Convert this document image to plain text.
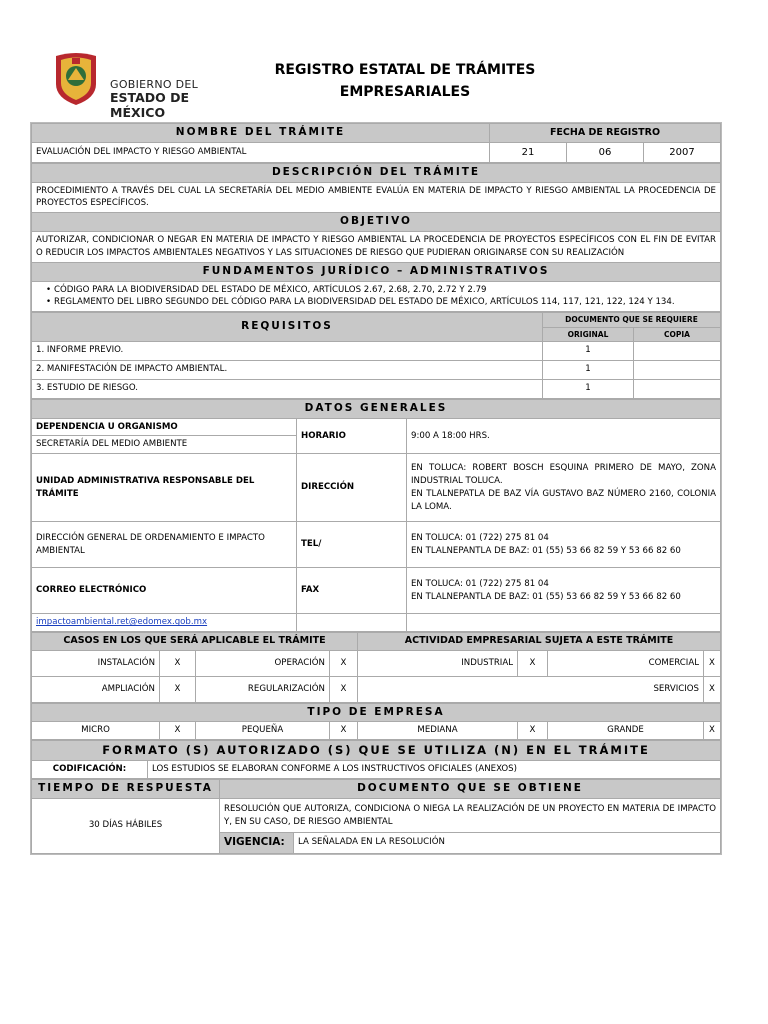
GOBIERNO DEL
ESTADO DE MÉXICO
REGISTRO ESTATAL DE TRÁMITES
EMPRESARIALES
NOMBRE DEL TRÁMITE	FECHA DE REGISTRO		
EVALUACIÓN DEL IMPACTO Y RIESGO AMBIENTAL	21	06	2007
DESCRIPCIÓN DEL TRÁMITE
PROCEDIMIENTO A TRAVÉS DEL CUAL LA SECRETARÍA DEL MEDIO AMBIENTE EVALÚA EN MATERIA DE IMPACTO Y RIESGO AMBIENTAL LA PROCEDENCIA DE PROYECTOS ESPECÍFICOS.
OBJETIVO
AUTORIZAR, CONDICIONAR O NEGAR EN MATERIA DE IMPACTO Y RIESGO AMBIENTAL LA PROCEDENCIA DE PROYECTOS ESPECÍFICOS CON EL FIN DE EVITAR O REDUCIR LOS IMPACTOS AMBIENTALES NEGATIVOS Y LAS SITUACIONES DE RIESGO QUE PUDIERAN ORIGINARSE CON SU REALIZACIÓN
FUNDAMENTOS JURÍDICO – ADMINISTRATIVOS

• CÓDIGO PARA LA BIODIVERSIDAD DEL ESTADO DE MÉXICO, ARTÍCULOS 2.67, 2.68, 2.70, 2.72 Y 2.79
• REGLAMENTO DEL LIBRO SEGUNDO DEL CÓDIGO PARA LA BIODIVERSIDAD DEL ESTADO DE MÉXICO, ARTÍCULOS 114, 117, 121, 122, 124 Y 134.
REQUISITOS	DOCUMENTO QUE SE REQUIERE	
	ORIGINAL	COPIA
1. INFORME PREVIO.	1	
2. MANIFESTACIÓN DE IMPACTO AMBIENTAL.	1	
3. ESTUDIO DE RIESGO.	1	
DATOS GENERALES		
DEPENDENCIA U ORGANISMO	HORARIO	9:00 A 18:00 HRS.
SECRETARÍA DEL MEDIO AMBIENTE		
UNIDAD ADMINISTRATIVA RESPONSABLE DEL TRÁMITE	DIRECCIÓN	EN TOLUCA: ROBERT BOSCH ESQUINA PRIMERO DE MAYO, ZONA INDUSTRIAL TOLUCA.
EN TLALNEPATLA DE BAZ VÍA GUSTAVO BAZ NÚMERO 2160, COLONIA LA LOMA.

DIRECCIÓN GENERAL DE ORDENAMIENTO E IMPACTO AMBIENTAL	TEL/	EN TOLUCA: 01 (722) 275 81 04
EN TLALNEPANTLA DE BAZ: 01 (55) 53 66 82 59 Y 53 66 82 60

CORREO ELECTRÓNICO	FAX	EN TOLUCA: 01 (722) 275 81 04
EN TLALNEPANTLA DE BAZ: 01 (55) 53 66 82 59 Y 53 66 82 60

impactoambiental.ret@edomex.gob.mx		
CASOS EN LOS QUE SERÁ APLICABLE EL TRÁMITE				ACTIVIDAD EMPRESARIAL SUJETA A ESTE TRÁMITE			
INSTALACIÓN	X	OPERACIÓN	X	INDUSTRIAL	X	COMERCIAL	X
AMPLIACIÓN	X	REGULARIZACIÓN	X	SERVICIOS			X
TIPO DE EMPRESA
MICRO	X	PEQUEÑA	X	MEDIANA	X	GRANDE	X
FORMATO (S) AUTORIZADO (S) QUE SE UTILIZA (N) EN EL TRÁMITE
CODIFICACIÓN:	LOS ESTUDIOS SE ELABORAN CONFORME A LOS INSTRUCTIVOS OFICIALES (ANEXOS)
TIEMPO DE RESPUESTA	DOCUMENTO QUE SE OBTIENE	
30 DÍAS HÁBILES	RESOLUCIÓN QUE AUTORIZA, CONDICIONA O NIEGA LA REALIZACIÓN DE UN PROYECTO EN MATERIA DE IMPACTO Y, EN SU CASO, DE RIESGO AMBIENTAL	
	VIGENCIA:	LA SEÑALADA EN LA RESOLUCIÓN
